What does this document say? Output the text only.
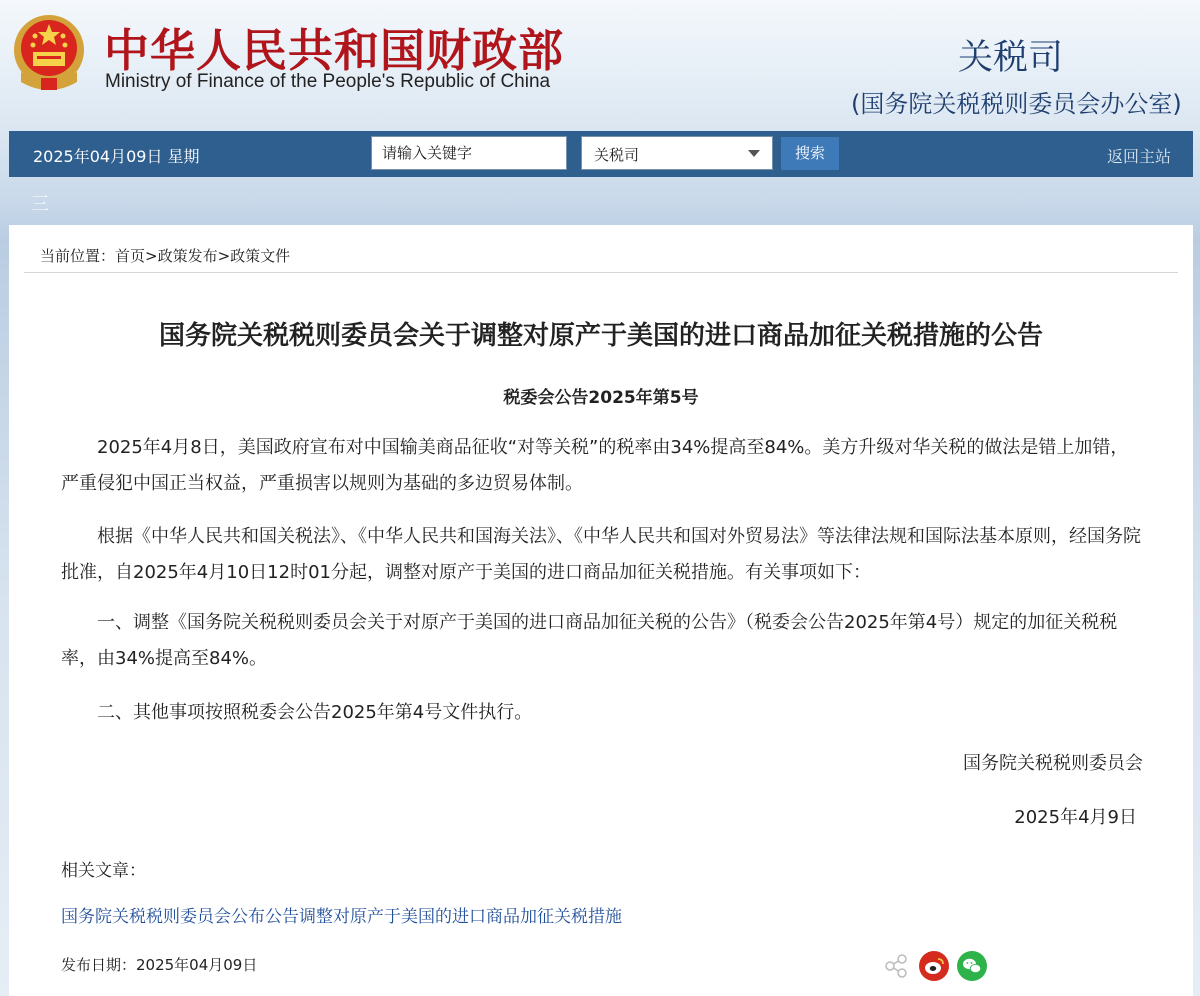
中华人民共和国财政部
Ministry of Finance of the People's Republic of China
关税司
(国务院关税税则委员会办公室)
2025年04月09日 星期
请输入关键字	关税司	搜索	返回主站
三
当前位置：首页>政策发布>政策文件
国务院关税税则委员会关于调整对原产于美国的进口商品加征关税措施的公告
税委会公告2025年第5号

2025年4月8日，美国政府宣布对中国输美商品征收“对等关税”的税率由34%提高至84%。美方升级对华关税的做法是错上加错，严重侵犯中国正当权益，严重损害以规则为基础的多边贸易体制。

根据《中华人民共和国关税法》、《中华人民共和国海关法》、《中华人民共和国对外贸易法》等法律法规和国际法基本原则，经国务院批准，自2025年4月10日12时01分起，调整对原产于美国的进口商品加征关税措施。有关事项如下：

一、调整《国务院关税税则委员会关于对原产于美国的进口商品加征关税的公告》（税委会公告2025年第4号）规定的加征关税税率，由34%提高至84%。

二、其他事项按照税委会公告2025年第4号文件执行。

国务院关税税则委员会
2025年4月9日
相关文章：
国务院关税税则委员会公布公告调整对原产于美国的进口商品加征关税措施
发布日期：2025年04月09日
